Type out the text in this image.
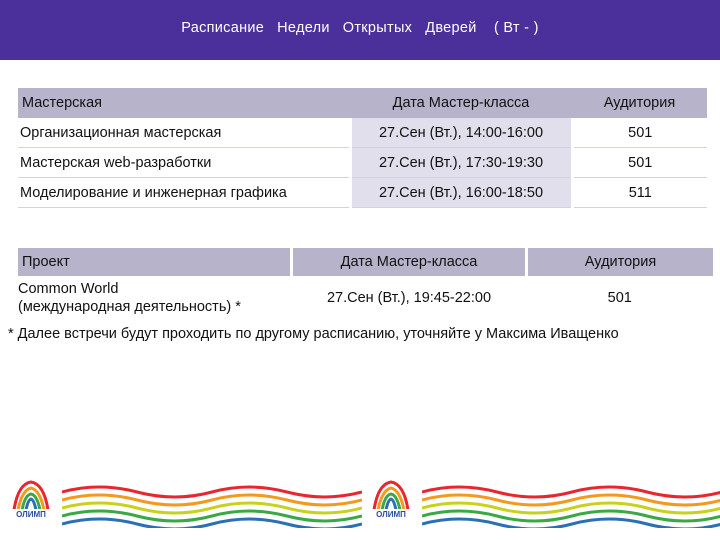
Расписание   Недели   Открытых   Дверей    ( Вт - )
Мастерская	Дата Мастер-класса	Аудитория
Организационная мастерская	27.Сен (Вт.), 14:00-16:00	501
Мастерская web-разработки	27.Сен (Вт.), 17:30-19:30	501
Моделирование и инженерная графика	27.Сен (Вт.), 16:00-18:50	511
Проект	Дата Мастер-класса	Аудитория
Common World
(международная деятельность) *	27.Сен (Вт.), 19:45-22:00	501
* Далее встречи будут проходить по другому расписанию, уточняйте у Максима Иващенко
ОЛИМП	ОЛИМП
